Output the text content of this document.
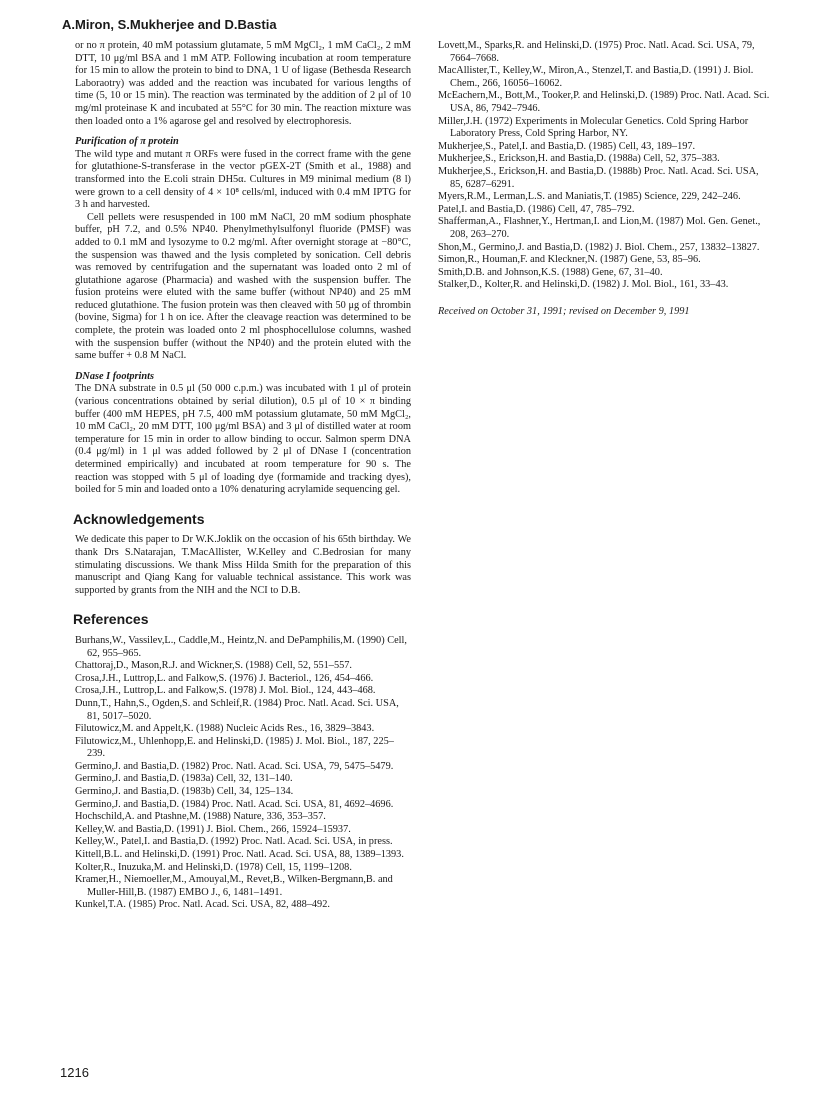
A.Miron, S.Mukherjee and D.Bastia

or no π protein, 40 mM potassium glutamate, 5 mM MgCl₂, 1 mM CaCl₂, 2 mM DTT, 10 μg/ml BSA and 1 mM ATP. Following incubation at room temperature for 15 min to allow the protein to bind to DNA, 1 U of ligase (Bethesda Research Laboraotry) was added and the reaction was incubated for various lengths of time (5, 10 or 15 min). The reaction was terminated by the addition of 2 μl of 10 mg/ml proteinase K and incubated at 55°C for 30 min. The reaction mixture was then loaded onto a 1% agarose gel and resolved by electrophoresis.

Purification of π protein

The wild type and mutant π ORFs were fused in the correct frame with the gene for glutathione-S-transferase in the vector pGEX-2T (Smith et al., 1988) and transformed into the E.coli strain DH5α. Cultures in M9 minimal medium (8 l) were grown to a cell density of 4 × 10⁸ cells/ml, induced with 0.4 mM IPTG for 3 h and harvested.

Cell pellets were resuspended in 100 mM NaCl, 20 mM sodium phosphate buffer, pH 7.2, and 0.5% NP40. Phenylmethylsulfonyl fluoride (PMSF) was added to 0.1 mM and lysozyme to 0.2 mg/ml. After overnight storage at −80°C, the suspension was thawed and the lysis completed by sonication. Cell debris was removed by centrifugation and the supernatant was loaded onto 2 ml of glutathione agarose (Pharmacia) and washed with the suspension buffer. The fusion proteins were eluted with the same buffer (without NP40) and 25 mM reduced glutathione. The fusion protein was then cleaved with 50 μg of thrombin (bovine, Sigma) for 1 h on ice. After the cleavage reaction was determined to be complete, the protein was loaded onto 2 ml phosphocellulose columns, washed with the suspension buffer (without the NP40) and the protein eluted with the same buffer + 0.8 M NaCl.

DNase I footprints

The DNA substrate in 0.5 μl (50 000 c.p.m.) was incubated with 1 μl of protein (various concentrations obtained by serial dilution), 0.5 μl of 10 × π binding buffer (400 mM HEPES, pH 7.5, 400 mM potassium glutamate, 50 mM MgCl₂, 10 mM CaCl₂, 20 mM DTT, 100 μg/ml BSA) and 3 μl of distilled water at room temperature for 15 min in order to allow binding to occur. Salmon sperm DNA (0.4 μg/ml) in 1 μl was added followed by 2 μl of DNase I (concentration determined empirically) and incubated at room temperature for 90 s. The reaction was stopped with 5 μl of loading dye (formamide and tracking dyes), boiled for 5 min and loaded onto a 10% denaturing acrylamide sequencing gel.

Acknowledgements

We dedicate this paper to Dr W.K.Joklik on the occasion of his 65th birthday. We thank Drs S.Natarajan, T.MacAllister, W.Kelley and C.Bedrosian for many stimulating discussions. We thank Miss Hilda Smith for the preparation of this manuscript and Qiang Kang for valuable technical assistance. This work was supported by grants from the NIH and the NCI to D.B.

References

Burhans,W., Vassilev,L., Caddle,M., Heintz,N. and DePamphilis,M. (1990) Cell, 62, 955–965.

Chattoraj,D., Mason,R.J. and Wickner,S. (1988) Cell, 52, 551–557.

Crosa,J.H., Luttrop,L. and Falkow,S. (1976) J. Bacteriol., 126, 454–466.

Crosa,J.H., Luttrop,L. and Falkow,S. (1978) J. Mol. Biol., 124, 443–468.

Dunn,T., Hahn,S., Ogden,S. and Schleif,R. (1984) Proc. Natl. Acad. Sci. USA, 81, 5017–5020.

Filutowicz,M. and Appelt,K. (1988) Nucleic Acids Res., 16, 3829–3843.

Filutowicz,M., Uhlenhopp,E. and Helinski,D. (1985) J. Mol. Biol., 187, 225–239.

Germino,J. and Bastia,D. (1982) Proc. Natl. Acad. Sci. USA, 79, 5475–5479.

Germino,J. and Bastia,D. (1983a) Cell, 32, 131–140.

Germino,J. and Bastia,D. (1983b) Cell, 34, 125–134.

Germino,J. and Bastia,D. (1984) Proc. Natl. Acad. Sci. USA, 81, 4692–4696.

Hochschild,A. and Ptashne,M. (1988) Nature, 336, 353–357.

Kelley,W. and Bastia,D. (1991) J. Biol. Chem., 266, 15924–15937.

Kelley,W., Patel,I. and Bastia,D. (1992) Proc. Natl. Acad. Sci. USA, in press.

Kittell,B.L. and Helinski,D. (1991) Proc. Natl. Acad. Sci. USA, 88, 1389–1393.

Kolter,R., Inuzuka,M. and Helinski,D. (1978) Cell, 15, 1199–1208.

Kramer,H., Niemoeller,M., Amouyal,M., Revet,B., Wilken-Bergmann,B. and Muller-Hill,B. (1987) EMBO J., 6, 1481–1491.

Kunkel,T.A. (1985) Proc. Natl. Acad. Sci. USA, 82, 488–492.

Lovett,M., Sparks,R. and Helinski,D. (1975) Proc. Natl. Acad. Sci. USA, 79, 7664–7668.

MacAllister,T., Kelley,W., Miron,A., Stenzel,T. and Bastia,D. (1991) J. Biol. Chem., 266, 16056–16062.

McEachern,M., Bott,M., Tooker,P. and Helinski,D. (1989) Proc. Natl. Acad. Sci. USA, 86, 7942–7946.

Miller,J.H. (1972) Experiments in Molecular Genetics. Cold Spring Harbor Laboratory Press, Cold Spring Harbor, NY.

Mukherjee,S., Patel,I. and Bastia,D. (1985) Cell, 43, 189–197.

Mukherjee,S., Erickson,H. and Bastia,D. (1988a) Cell, 52, 375–383.

Mukherjee,S., Erickson,H. and Bastia,D. (1988b) Proc. Natl. Acad. Sci. USA, 85, 6287–6291.

Myers,R.M., Lerman,L.S. and Maniatis,T. (1985) Science, 229, 242–246.

Patel,I. and Bastia,D. (1986) Cell, 47, 785–792.

Shafferman,A., Flashner,Y., Hertman,I. and Lion,M. (1987) Mol. Gen. Genet., 208, 263–270.

Shon,M., Germino,J. and Bastia,D. (1982) J. Biol. Chem., 257, 13832–13827.

Simon,R., Houman,F. and Kleckner,N. (1987) Gene, 53, 85–96.

Smith,D.B. and Johnson,K.S. (1988) Gene, 67, 31–40.

Stalker,D., Kolter,R. and Helinski,D. (1982) J. Mol. Biol., 161, 33–43.

Received on October 31, 1991; revised on December 9, 1991

1216
